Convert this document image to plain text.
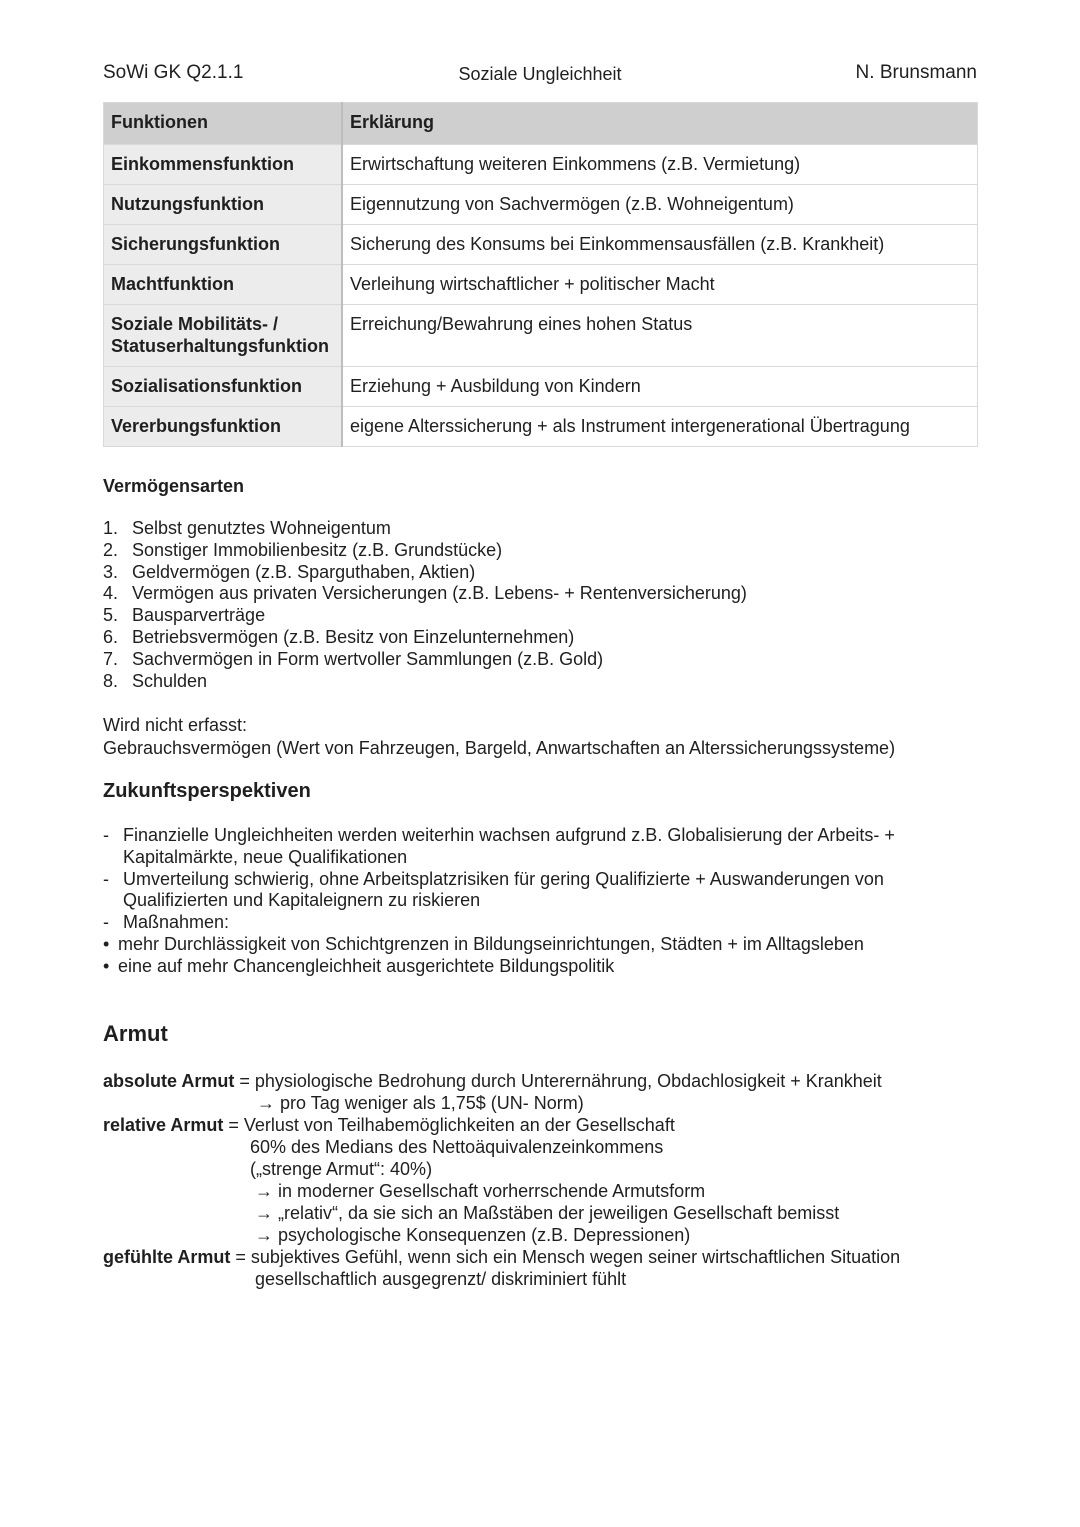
SoWi GK Q2.1.1	Soziale Ungleichheit	N. Brunsmann
Funktionen	Erklärung
Einkommensfunktion	Erwirtschaftung weiteren Einkommens (z.B. Vermietung)
Nutzungsfunktion	Eigennutzung von Sachvermögen (z.B. Wohneigentum)
Sicherungsfunktion	Sicherung des Konsums bei Einkommensausfällen (z.B. Krankheit)
Machtfunktion	Verleihung wirtschaftlicher + politischer Macht
Soziale Mobilitäts- /
Statuserhaltungsfunktion	Erreichung/Bewahrung eines hohen Status
Sozialisationsfunktion	Erziehung + Ausbildung von Kindern
Vererbungsfunktion	eigene Alterssicherung + als Instrument intergenerational Übertragung
Vermögensarten
1. Selbst genutztes Wohneigentum
2. Sonstiger Immobilienbesitz (z.B. Grundstücke)
3. Geldvermögen (z.B. Sparguthaben, Aktien)
4. Vermögen aus privaten Versicherungen (z.B. Lebens- + Rentenversicherung)
5. Bausparverträge
6. Betriebsvermögen (z.B. Besitz von Einzelunternehmen)
7. Sachvermögen in Form wertvoller Sammlungen (z.B. Gold)
8. Schulden
Wird nicht erfasst:
Gebrauchsvermögen (Wert von Fahrzeugen, Bargeld, Anwartschaften an Alterssicherungssysteme)
Zukunftsperspektiven
- Finanzielle Ungleichheiten werden weiterhin wachsen aufgrund z.B. Globalisierung der Arbeits- + Kapitalmärkte, neue Qualifikationen
- Umverteilung schwierig, ohne Arbeitsplatzrisiken für gering Qualifizierte + Auswanderungen von Qualifizierten und Kapitaleignern zu riskieren
- Maßnahmen:
• mehr Durchlässigkeit von Schichtgrenzen in Bildungseinrichtungen, Städten + im Alltagsleben
• eine auf mehr Chancengleichheit ausgerichtete Bildungspolitik
Armut
absolute Armut = physiologische Bedrohung durch Unterernährung, Obdachlosigkeit + Krankheit
→ pro Tag weniger als 1,75$ (UN- Norm)
relative Armut = Verlust von Teilhabemöglichkeiten an der Gesellschaft
60% des Medians des Nettoäquivalenzeinkommens
(„strenge Armut“: 40%)
→ in moderner Gesellschaft vorherrschende Armutsform
→ „relativ“, da sie sich an Maßstäben der jeweiligen Gesellschaft bemisst
→ psychologische Konsequenzen (z.B. Depressionen)
gefühlte Armut = subjektives Gefühl, wenn sich ein Mensch wegen seiner wirtschaftlichen Situation
gesellschaftlich ausgegrenzt/ diskriminiert fühlt
